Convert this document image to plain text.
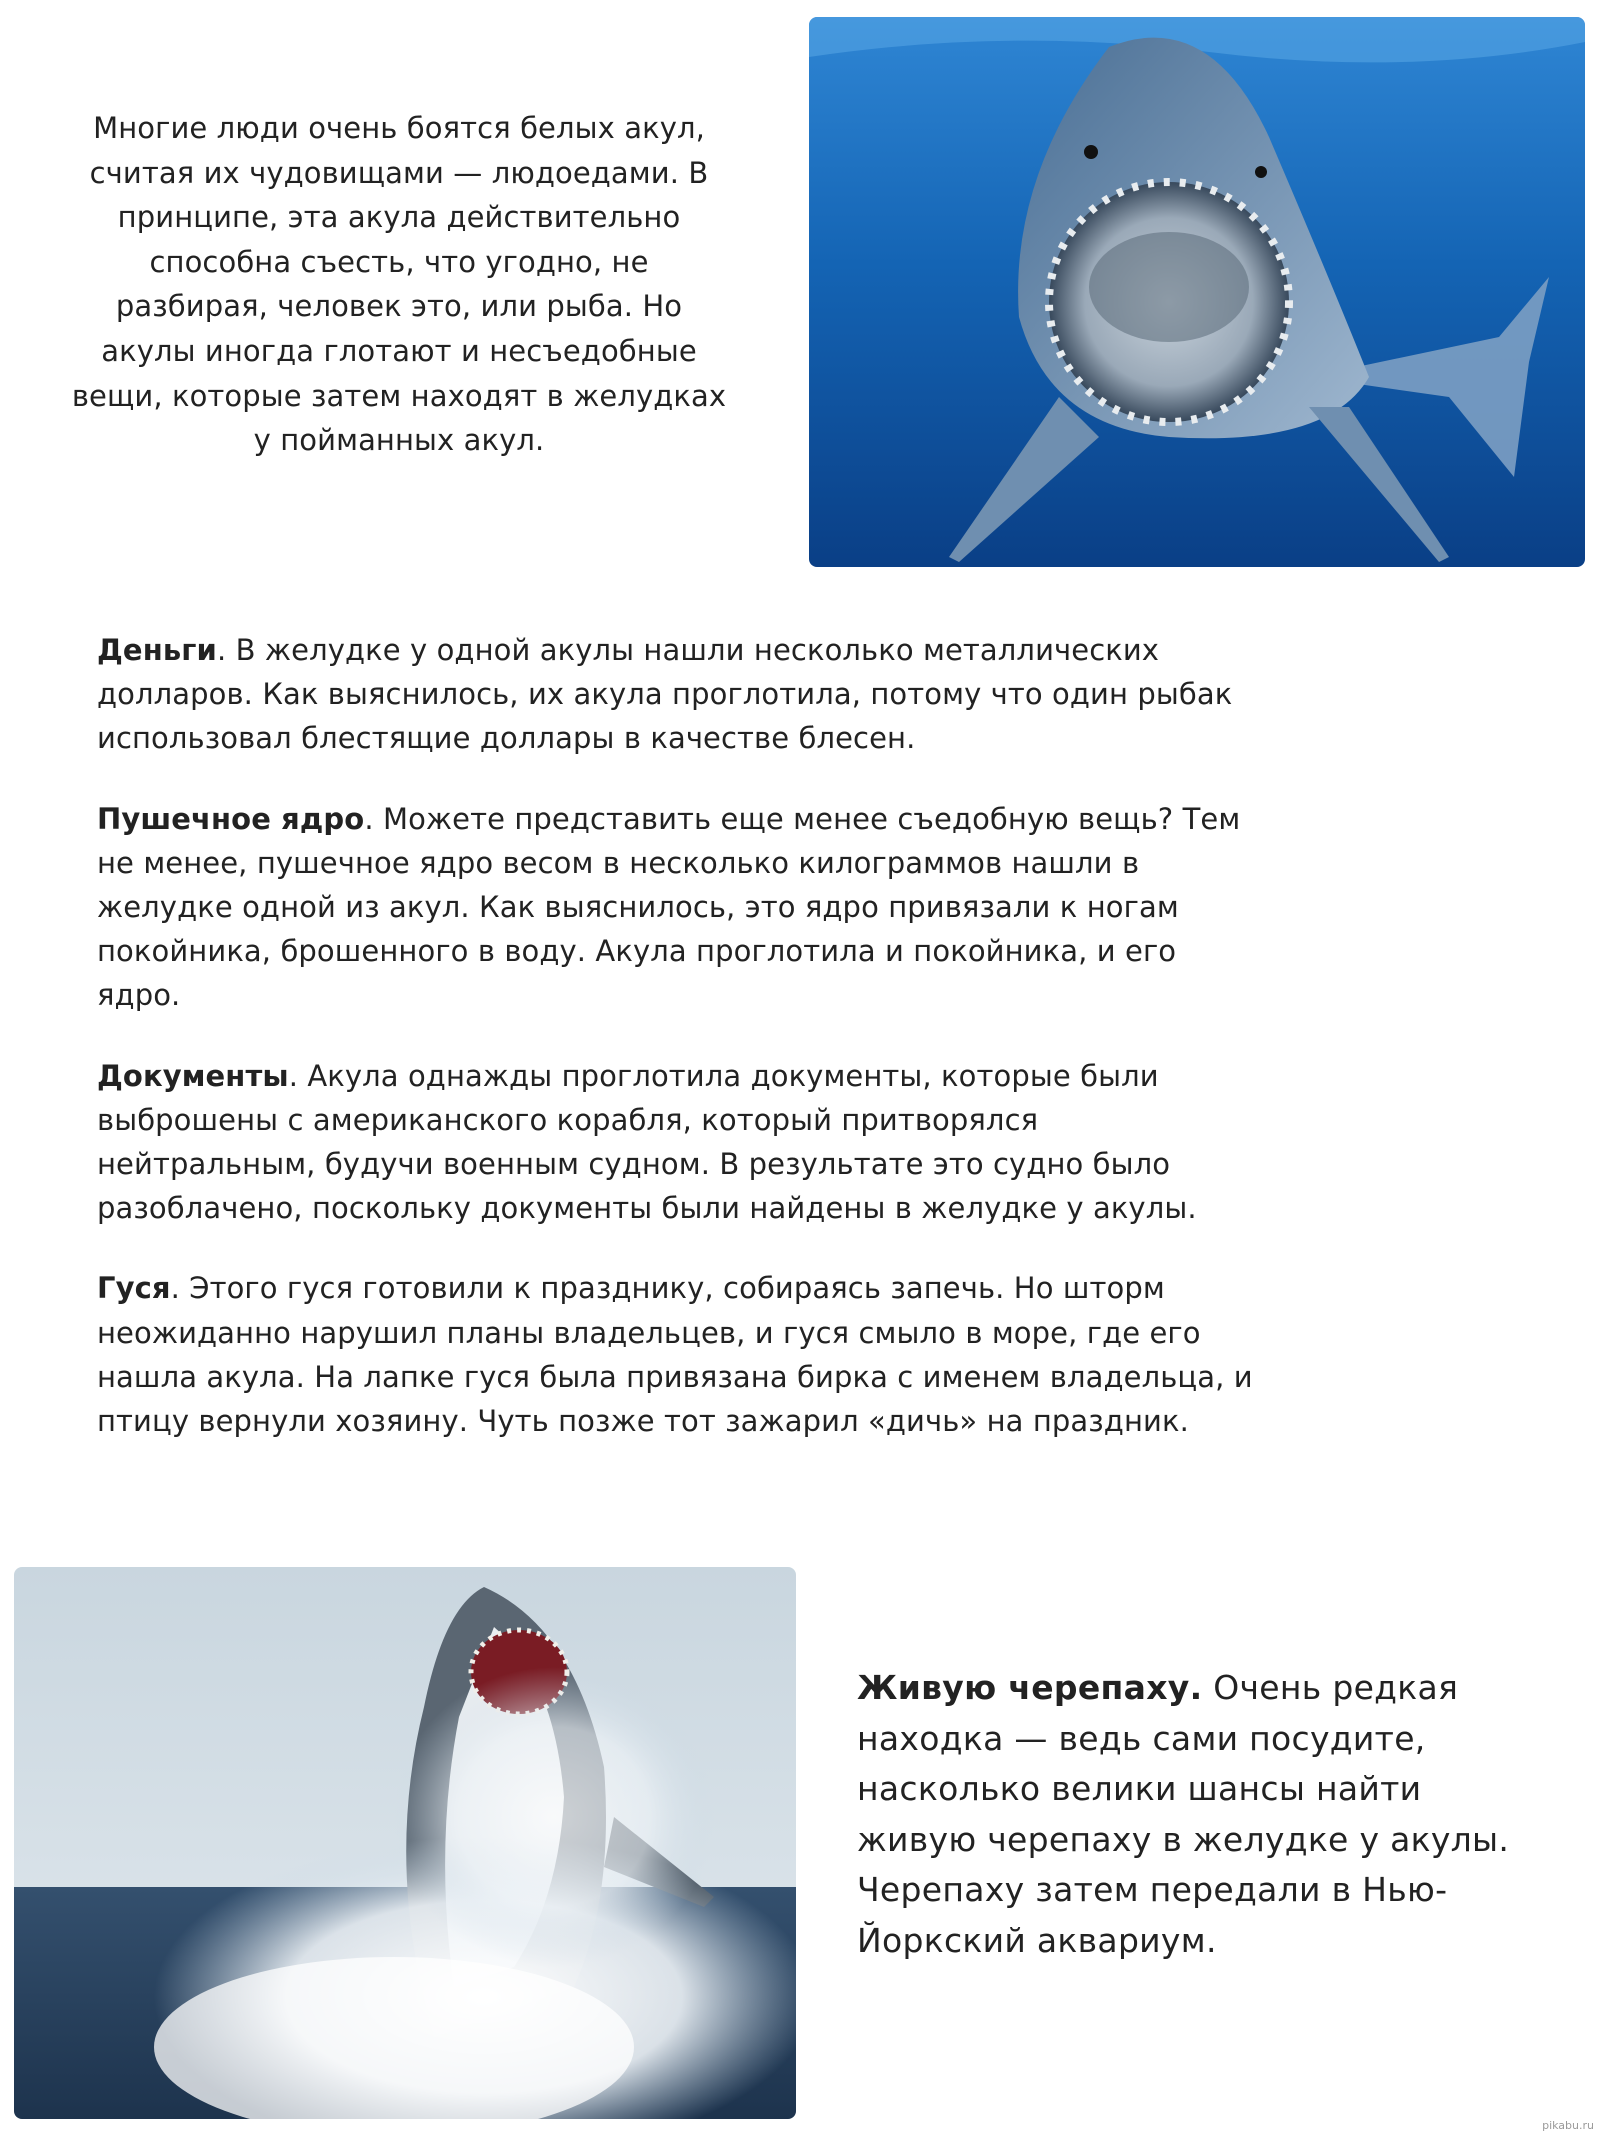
Многие люди очень боятся белых акул,
считая их чудовищами — людоедами. В
принципе, эта акула действительно
способна съесть, что угодно, не
разбирая, человек это, или рыба. Но
акулы иногда глотают и несъедобные
вещи, которые затем находят в желудках
у пойманных акул.
Деньги. В желудке у одной акулы нашли несколько металлических
долларов. Как выяснилось, их акула проглотила, потому что один рыбак
использовал блестящие доллары в качестве блесен.
Пушечное ядро. Можете представить еще менее съедобную вещь? Тем
не менее, пушечное ядро весом в несколько килограммов нашли в
желудке одной из акул. Как выяснилось, это ядро привязали к ногам
покойника, брошенного в воду. Акула проглотила и покойника, и его
ядро.
Документы. Акула однажды проглотила документы, которые были
выброшены с американского корабля, который притворялся
нейтральным, будучи военным судном. В результате это судно было
разоблачено, поскольку документы были найдены в желудке у акулы.
Гуся. Этого гуся готовили к празднику, собираясь запечь. Но шторм
неожиданно нарушил планы владельцев, и гуся смыло в море, где его
нашла акула. На лапке гуся была привязана бирка с именем владельца, и
птицу вернули хозяину. Чуть позже тот зажарил «дичь» на праздник.
Живую черепаху. Очень редкая
находка — ведь сами посудите,
насколько велики шансы найти
живую черепаху в желудке у акулы.
Черепаху затем передали в Нью-
Йоркский аквариум.
pikabu.ru
